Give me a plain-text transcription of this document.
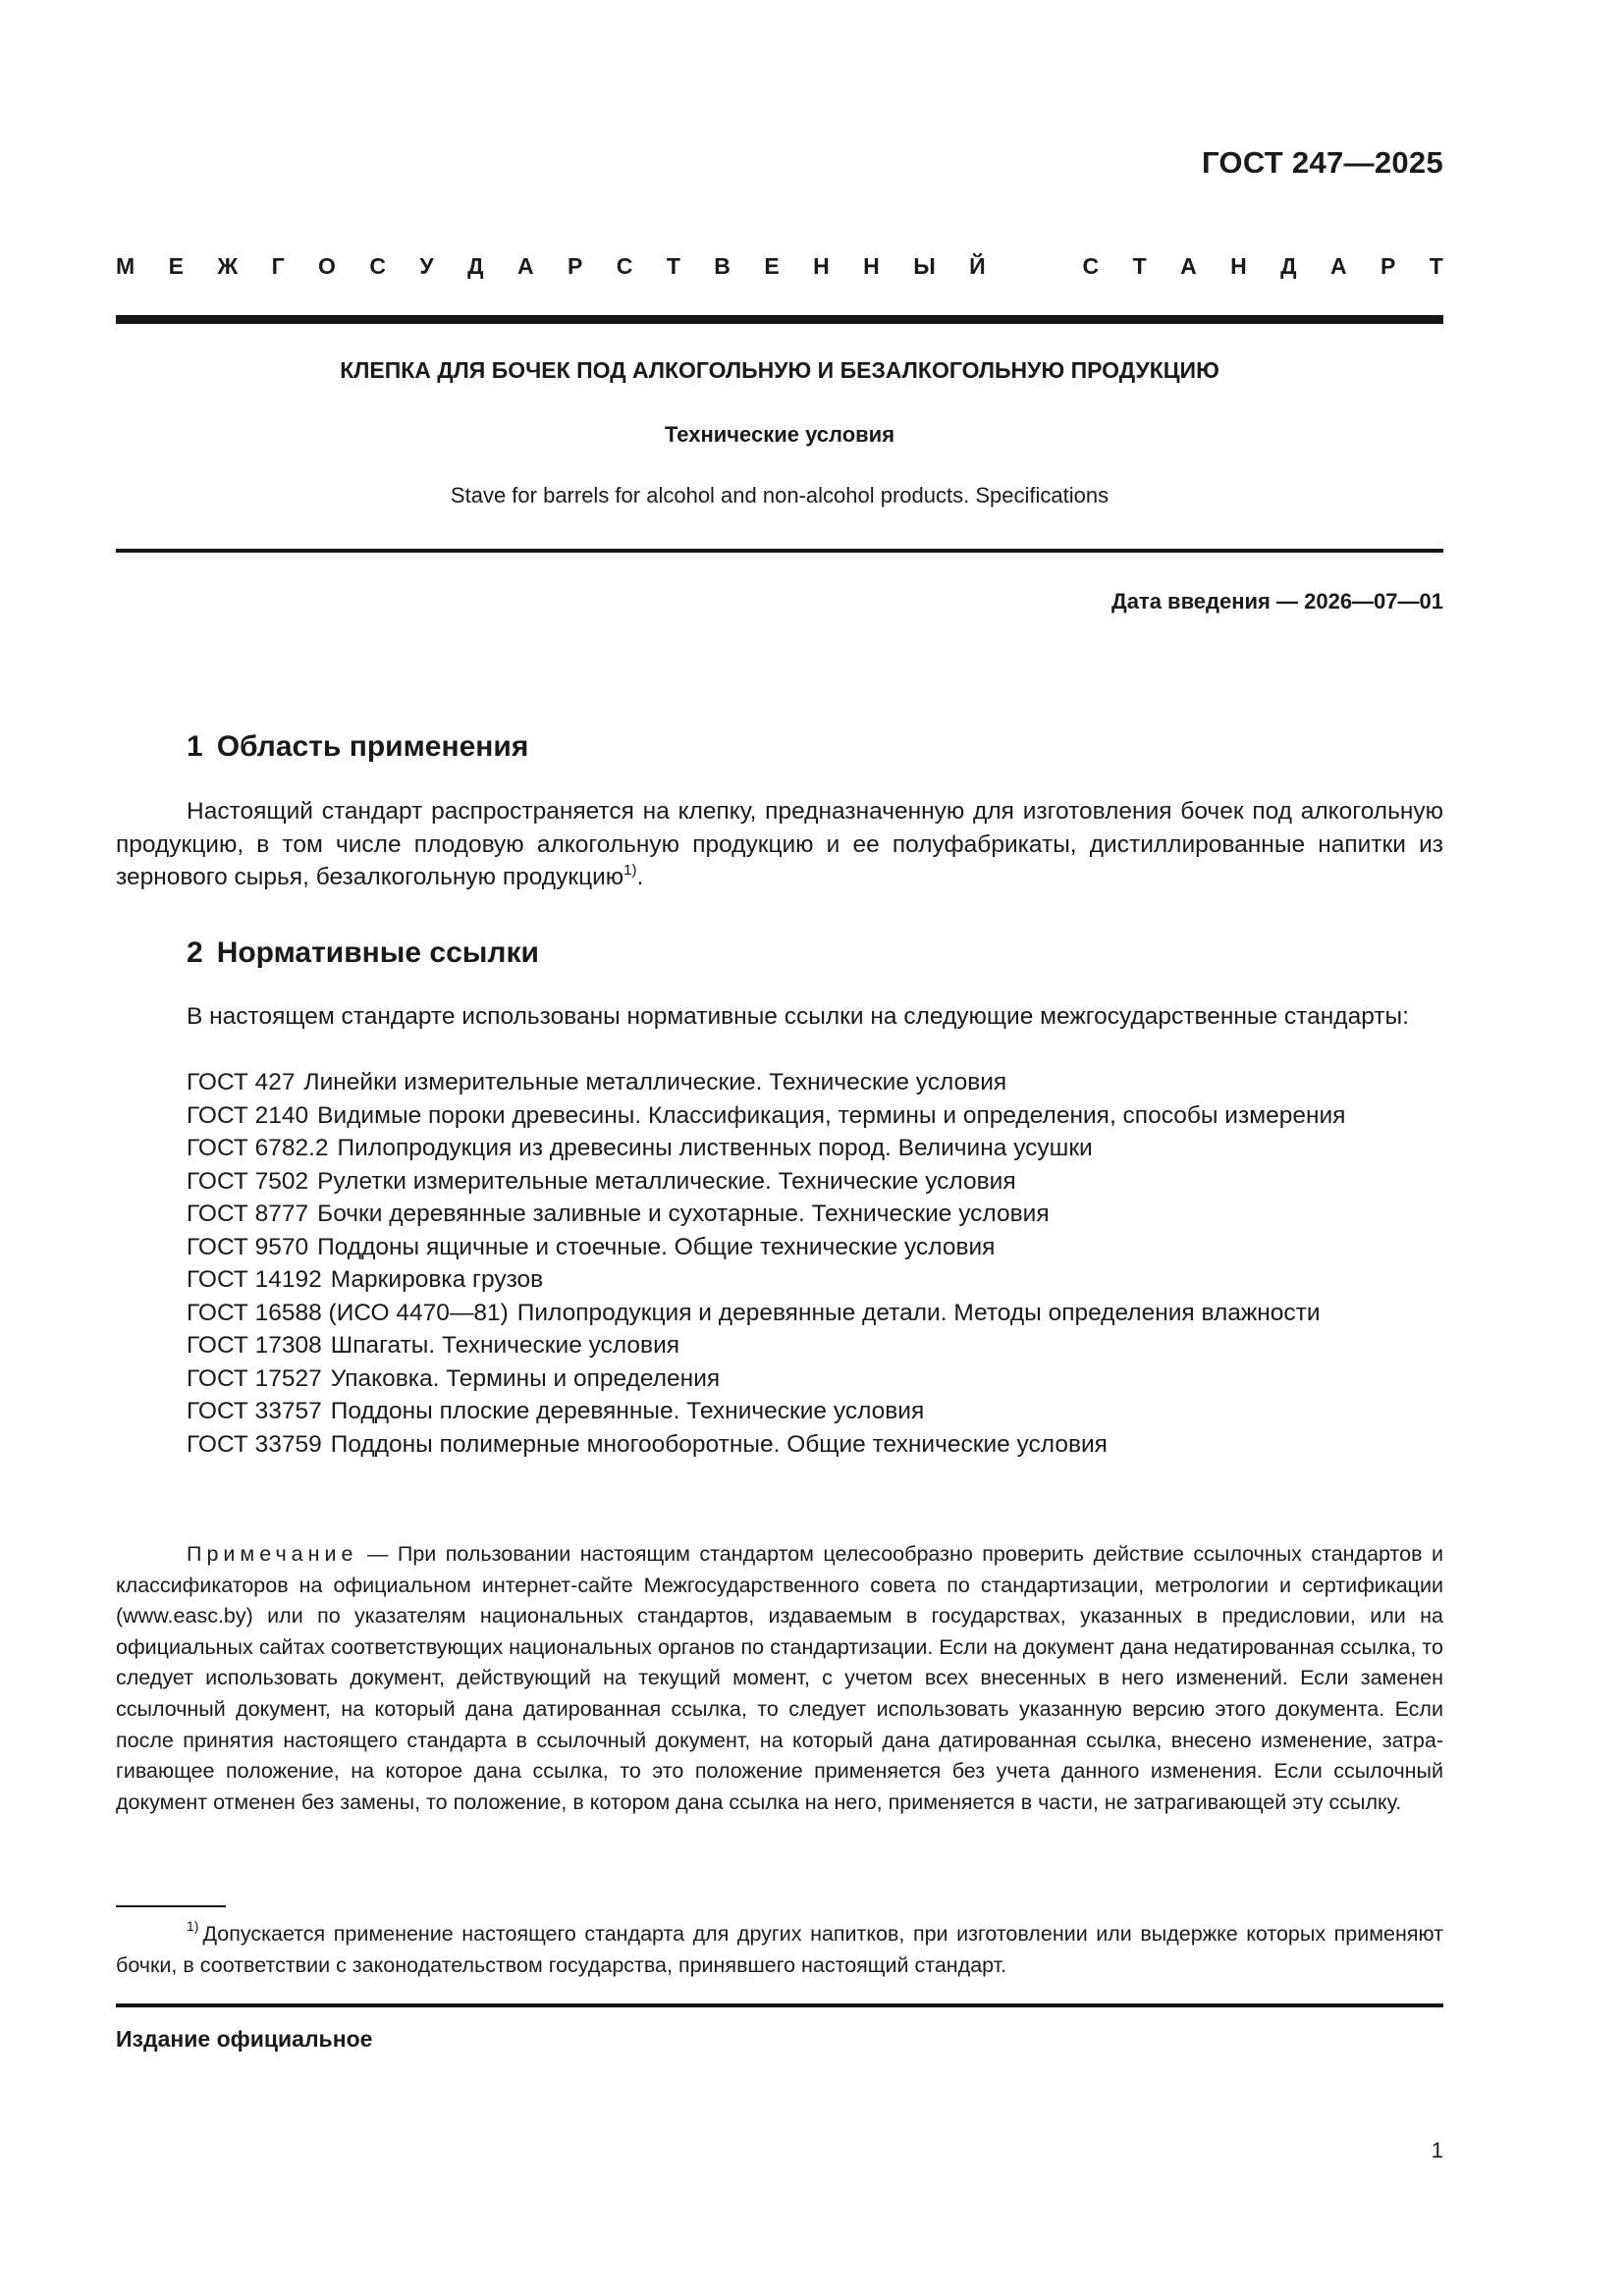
ГОСТ 247—2025
М Е Ж Г О С У Д А Р С Т В Е Н Н Ы Й	С Т А Н Д А Р Т
КЛЕПКА ДЛЯ БОЧЕК ПОД АЛКОГОЛЬНУЮ И БЕЗАЛКОГОЛЬНУЮ ПРОДУКЦИЮ
Технические условия
Stave for barrels for alcohol and non-alcohol products. Specifications
Дата введения — 2026—07—01
1 Область применения
Настоящий стандарт распространяется на клепку, предназначенную для изготовления бочек под алкогольную продукцию, в том числе плодовую алкогольную продукцию и ее полуфабрикаты, дистиллированные напитки из зернового сырья, безалкогольную продукцию$^{1)}$.
2 Нормативные ссылки
В настоящем стандарте использованы нормативные ссылки на следующие межгосударственные стандарты:
ГОСТ 427 Линейки измерительные металлические. Технические условия
ГОСТ 2140 Видимые пороки древесины. Классификация, термины и определения, способы измерения
ГОСТ 6782.2 Пилопродукция из древесины лиственных пород. Величина усушки
ГОСТ 7502 Рулетки измерительные металлические. Технические условия
ГОСТ 8777 Бочки деревянные заливные и сухотарные. Технические условия
ГОСТ 9570 Поддоны ящичные и стоечные. Общие технические условия
ГОСТ 14192 Маркировка грузов
ГОСТ 16588 (ИСО 4470—81) Пилопродукция и деревянные детали. Методы определения влажности
ГОСТ 17308 Шпагаты. Технические условия
ГОСТ 17527 Упаковка. Термины и определения
ГОСТ 33757 Поддоны плоские деревянные. Технические условия
ГОСТ 33759 Поддоны полимерные многооборотные. Общие технические условия
Примечание — При пользовании настоящим стандартом целесообразно проверить действие ссылочных стандартов и классификаторов на официальном интернет-сайте Межгосударственного совета по стандартизации, метрологии и сертификации (www.easc.by) или по указателям национальных стандартов, издаваемым в государствах, указанных в предисловии, или на официальных сайтах соответствующих национальных органов по стандартизации. Если на документ дана недатированная ссылка, то следует использовать документ, действующий на текущий момент, с учетом всех внесенных в него изменений. Если заменен ссылочный документ, на который дана датированная ссылка, то следует использовать указанную версию этого документа. Если после принятия настоящего стандарта в ссылочный документ, на который дана датированная ссылка, внесено изменение, затрагивающее положение, на которое дана ссылка, то это положение применяется без учета данного изменения. Если ссылочный документ отменен без замены, то положение, в котором дана ссылка на него, применяется в части, не затрагивающей эту ссылку.
$^{1)}$ Допускается применение настоящего стандарта для других напитков, при изготовлении или выдержке которых применяют бочки, в соответствии с законодательством государства, принявшего настоящий стандарт.
Издание официальное
1
